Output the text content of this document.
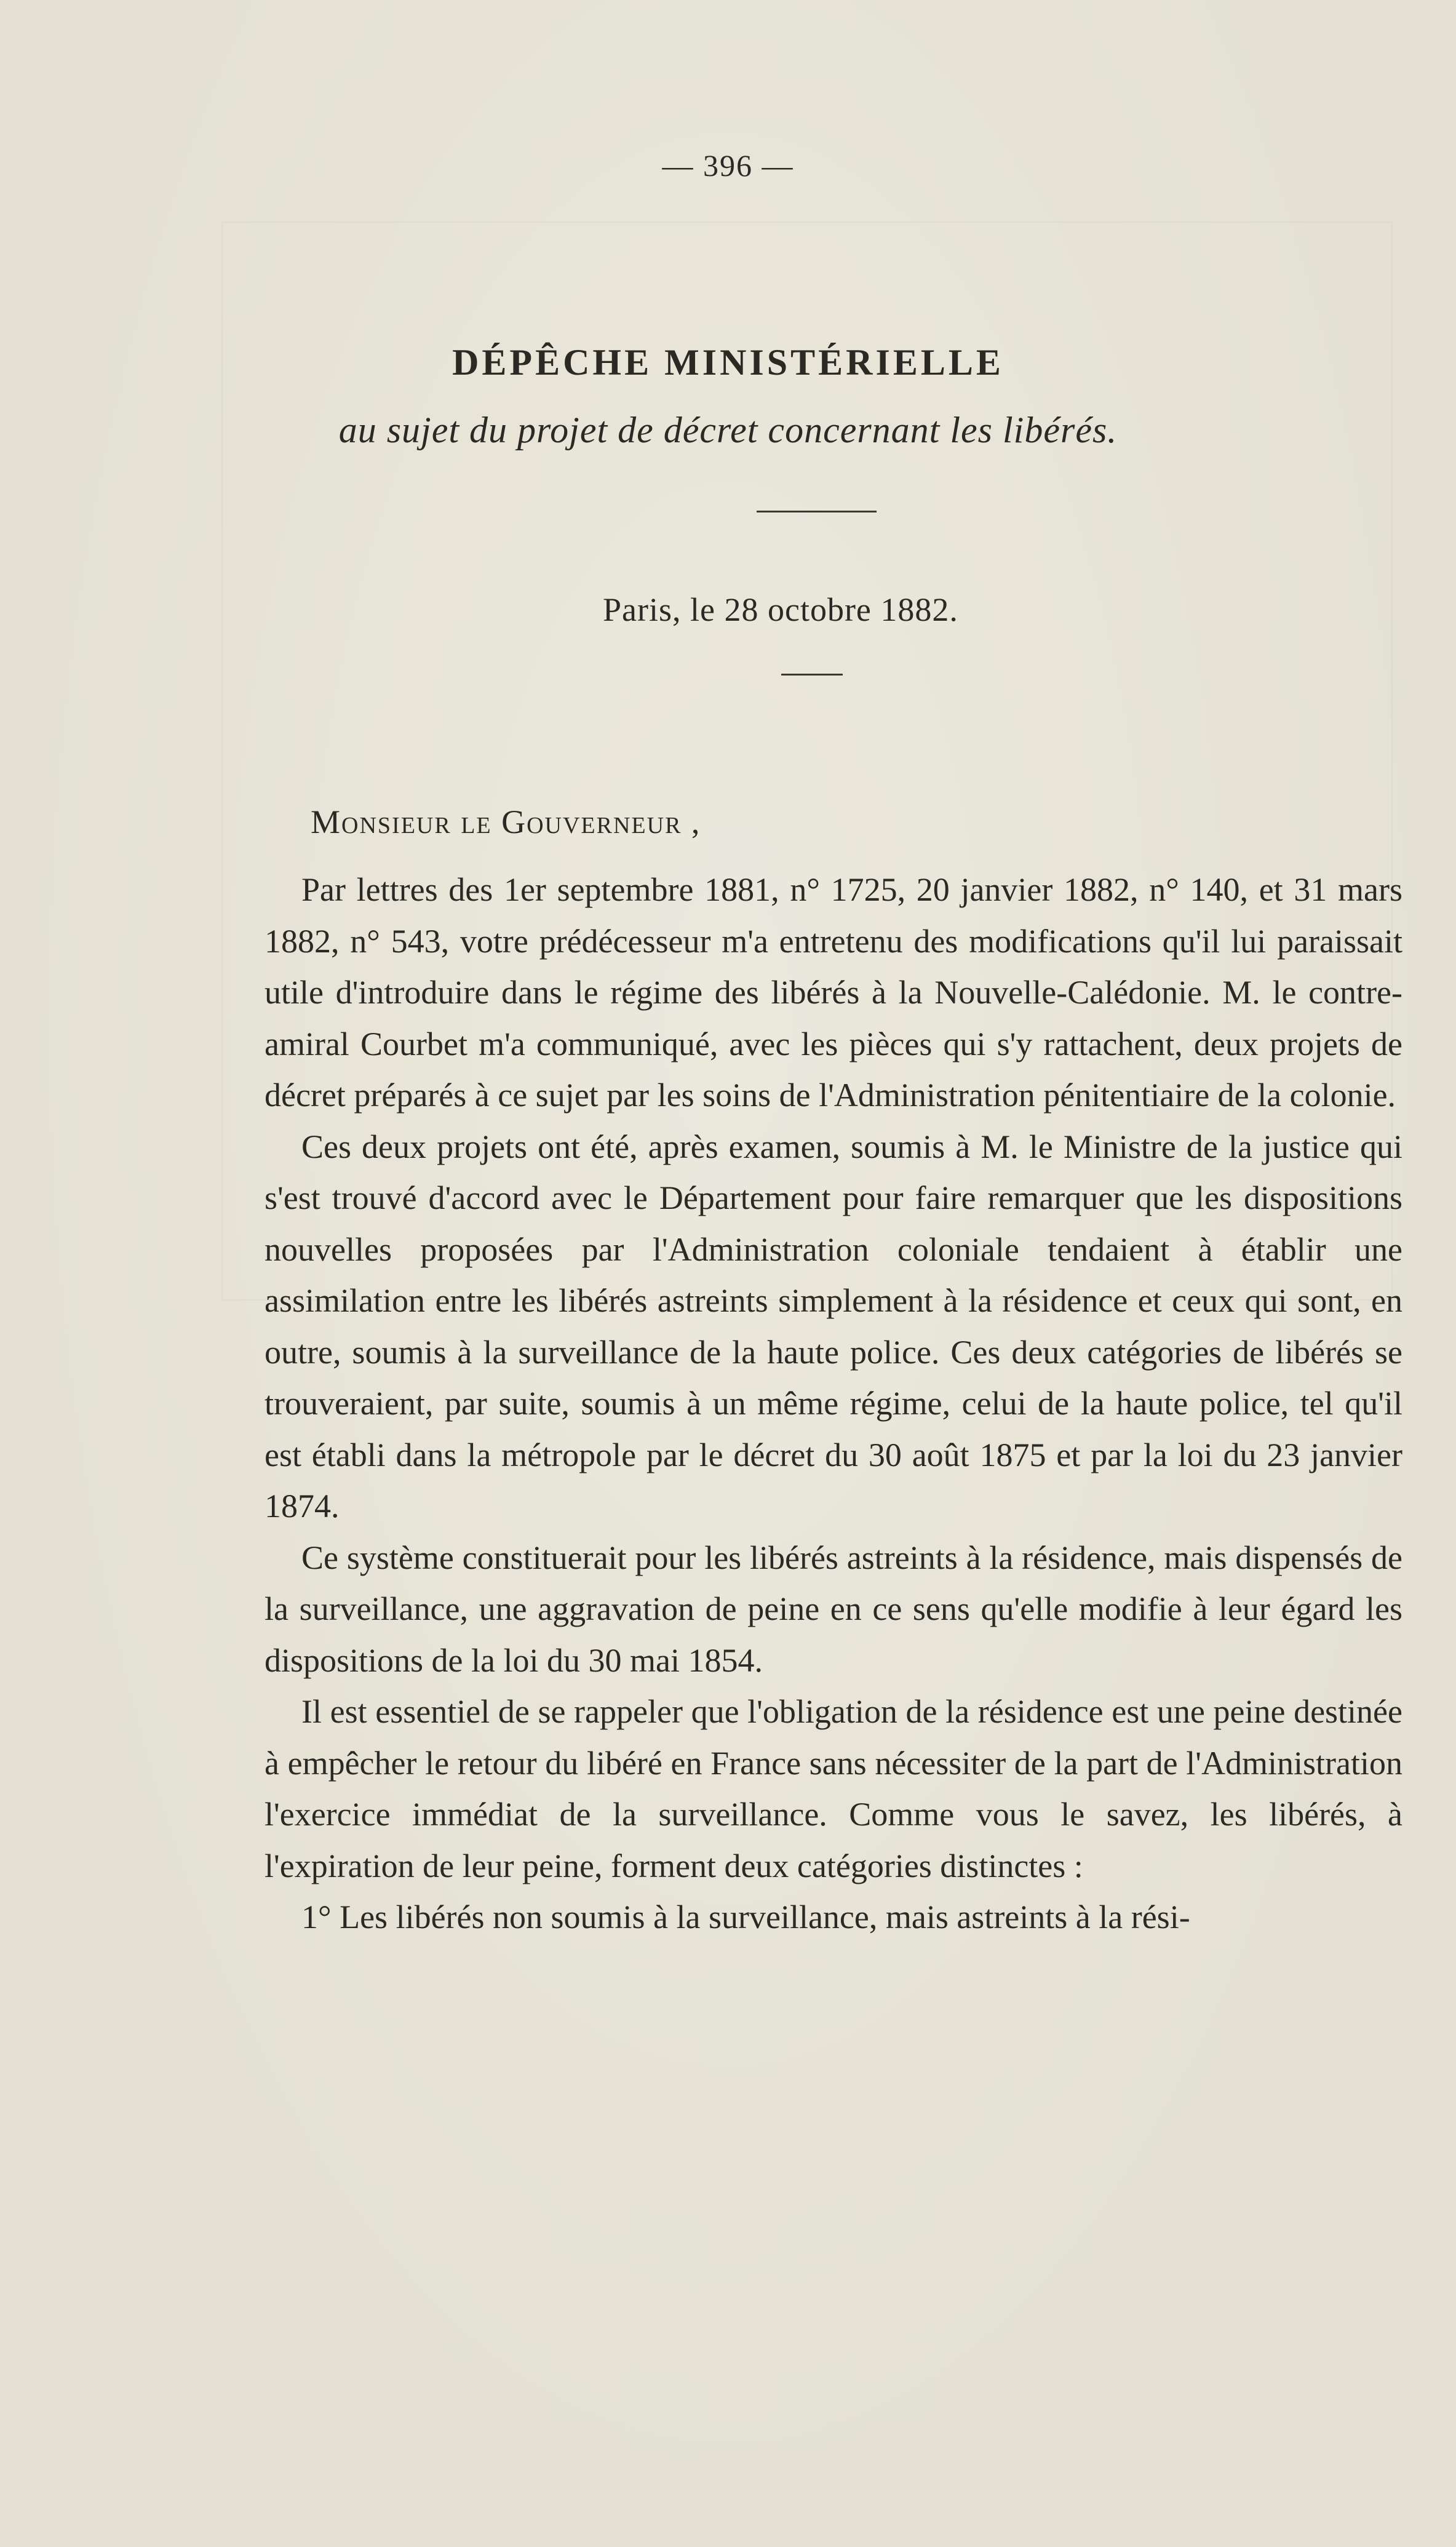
— 396 —
DÉPÊCHE MINISTÉRIELLE
au sujet du projet de décret concernant les libérés.
Paris, le 28 octobre 1882.
Monsieur le Gouverneur ,

Par lettres des 1er septembre 1881, n° 1725, 20 janvier 1882, n° 140, et 31 mars 1882, n° 543, votre prédécesseur m'a entretenu des modifications qu'il lui paraissait utile d'introduire dans le régime des libérés à la Nouvelle-Calédonie. M. le contre-amiral Courbet m'a communiqué, avec les pièces qui s'y rattachent, deux projets de décret préparés à ce sujet par les soins de l'Administration pénitentiaire de la colonie.

Ces deux projets ont été, après examen, soumis à M. le Ministre de la justice qui s'est trouvé d'accord avec le Département pour faire remarquer que les dispositions nouvelles proposées par l'Administration coloniale tendaient à établir une assimilation entre les libérés astreints simplement à la résidence et ceux qui sont, en outre, soumis à la surveillance de la haute police. Ces deux catégories de libérés se trouveraient, par suite, soumis à un même régime, celui de la haute police, tel qu'il est établi dans la métropole par le décret du 30 août 1875 et par la loi du 23 janvier 1874.

Ce système constituerait pour les libérés astreints à la résidence, mais dispensés de la surveillance, une aggravation de peine en ce sens qu'elle modifie à leur égard les dispositions de la loi du 30 mai 1854.

Il est essentiel de se rappeler que l'obligation de la résidence est une peine destinée à empêcher le retour du libéré en France sans nécessiter de la part de l'Administration l'exercice immédiat de la surveillance. Comme vous le savez, les libérés, à l'expiration de leur peine, forment deux catégories distinctes :

1° Les libérés non soumis à la surveillance, mais astreints à la rési-
